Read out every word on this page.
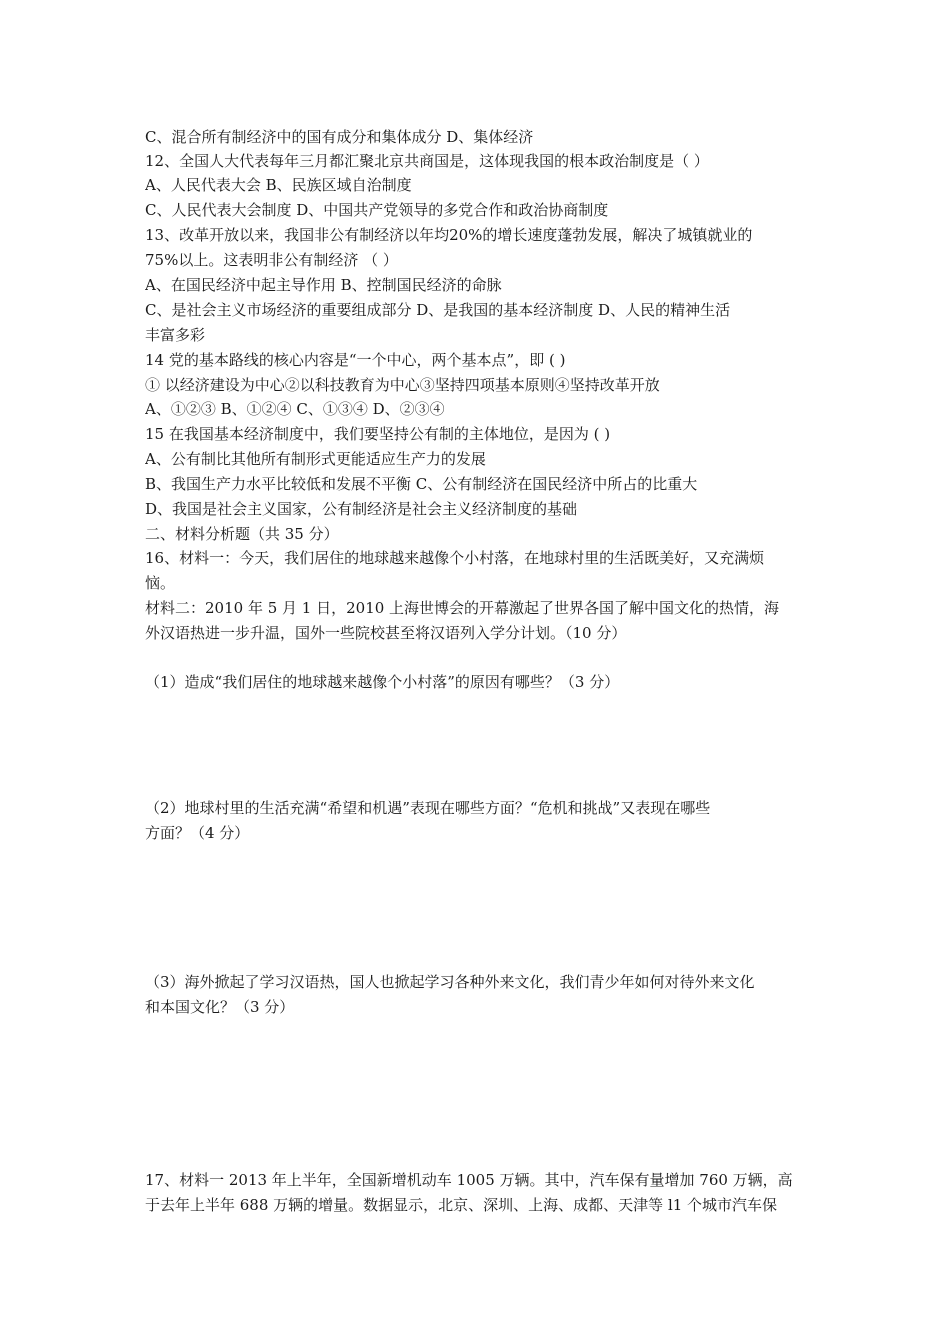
C、混合所有制经济中的国有成分和集体成分 D、集体经济
12、全国人大代表每年三月都汇聚北京共商国是，这体现我国的根本政治制度是（ ）
A、人民代表大会 B、民族区域自治制度
C、人民代表大会制度 D、中国共产党领导的多党合作和政治协商制度
13、改革开放以来，我国非公有制经济以年均20%的增长速度蓬勃发展，解决了城镇就业的
75%以上。这表明非公有制经济 （ ）
A、在国民经济中起主导作用 B、控制国民经济的命脉
C、是社会主义市场经济的重要组成部分 D、是我国的基本经济制度 D、人民的精神生活
丰富多彩
14 党的基本路线的核心内容是“一个中心，两个基本点”，即 ( )
① 以经济建设为中心②以科技教育为中心③坚持四项基本原则④坚持改革开放
A、①②③ B、①②④ C、①③④ D、②③④
15 在我国基本经济制度中，我们要坚持公有制的主体地位，是因为 ( )
A、公有制比其他所有制形式更能适应生产力的发展
B、我国生产力水平比较低和发展不平衡 C、公有制经济在国民经济中所占的比重大
D、我国是社会主义国家，公有制经济是社会主义经济制度的基础
二、材料分析题（共 35 分）
16、材料一：今天，我们居住的地球越来越像个小村落，在地球村里的生活既美好，又充满烦
恼。
材料二：2010 年 5 月 1 日，2010 上海世博会的开幕激起了世界各国了解中国文化的热情，海
外汉语热进一步升温，国外一些院校甚至将汉语列入学分计划。（10 分）
（1）造成“我们居住的地球越来越像个小村落”的原因有哪些？（3 分）
（2）地球村里的生活充满“希望和机遇”表现在哪些方面？“危机和挑战”又表现在哪些
方面？（4 分）
（3）海外掀起了学习汉语热，国人也掀起学习各种外来文化，我们青少年如何对待外来文化
和本国文化？（3 分）
17、材料一 2013 年上半年，全国新增机动车 1005 万辆。其中，汽车保有量增加 760 万辆，高
于去年上半年 688 万辆的增量。数据显示，北京、深圳、上海、成都、天津等 l1 个城市汽车保
